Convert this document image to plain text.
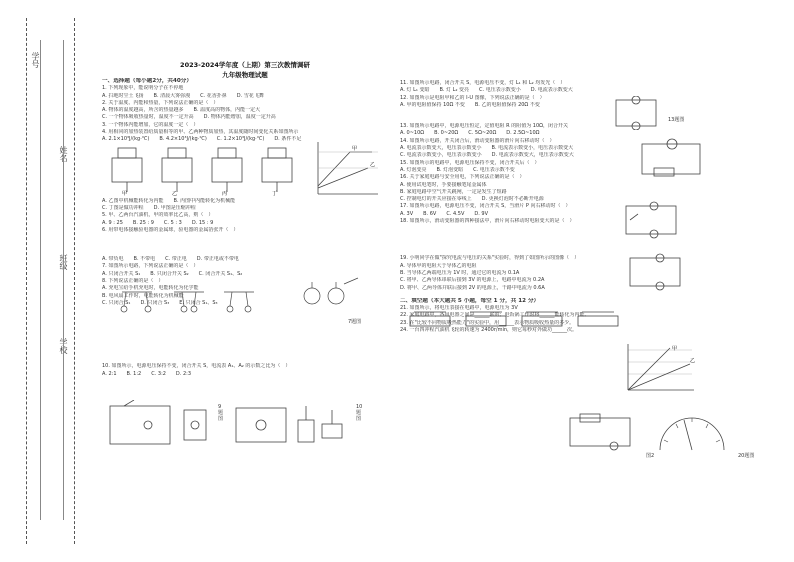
学号
姓名
班级
学校
2023-2024学年度（上期）第三次教情调研
九年级物理试题
一、选择题（每小题2分，共40分）
1. 下列现象中，能说明分子在不停地
A. 扫地时尘土飞扬　　B. 清晨大雾弥漫　　C. 花香扑鼻　　D. 雪花飞舞
2. 关于温度、内能和热量，下列说法正确的是（　）
A. 物体的温度越高，所含的热量越多　　B. 温度高的物体，内能一定大
C. 一个物体吸收热量时，温度不一定升高　　D. 物体内能增加，温度一定升高
3. 一个物体内能增加，它的温度一定（　）
4. 用相同的加热装置给质量相等的甲、乙两种物质加热，其温度随时间变化关系如图所示
A. 2.1×10³J/(kg·℃)　　B. 4.2×10³J/(kg·℃)　　C. 1.2×10³J/(kg·℃)　　D. 条件不足
A. 乙图中机械能转化为内能　　B. 丙图中内能转化为机械能
C. 丁图是做功冲程　　D. 甲图是压缩冲程
5. 甲、乙两台汽油机，甲的效率比乙高，则（　）
A. 9 : 25　　B. 25 : 9　　C. 5 : 3　　D. 15 : 9
6. 用带电体接触验电器的金属球，验电器的金属箔张开（　）
A. 带负电　　B. 不带电　　C. 带正电　　D. 带正电或不带电
7. 如图所示电路，下列说法正确的是（　）
A. 只闭合开关 S₁　　B. 只闭合开关 S₂　　C. 闭合开关 S₁、S₂
8. 下列说法正确的是（　）
A. 充电宝给手机充电时，电能转化为化学能
B. 电风扇工作时，电能转化为机械能
C. 只闭合 S₁　　D. 只闭合 S₃　　E. 只闭合 S₁、S₃
10. 如图所示，电源电压保持不变，闭合开关 S，电流表 A₁、A₂ 的示数之比为（　）
A. 2:1　　B. 1:2　　C. 3:2　　D. 2:3
甲	乙	丙	丁
甲
乙
7题图
9
题
图
10
题
图
11. 如图所示电路，闭合开关 S，电源电压不变，灯 L₁ 和 L₂ 均发光（　）
A. 灯 L₁ 变暗　　B. 灯 L₂ 变亮　　C. 电压表示数变小　　D. 电流表示数变大
12. 如图所示是电阻甲和乙的 I-U 图像，下列说法正确的是（　）
A. 甲的电阻值保持 10Ω 不变　　B. 乙的电阻值保持 20Ω 不变
13. 如图所示电路中，电源电压恒定，定值电阻 R 的阻值为 10Ω，闭合开关
A. 0~10Ω　　B. 0~20Ω　　C. 5Ω~20Ω　　D. 2.5Ω~10Ω
14. 如图所示电路，开关闭合后，滑动变阻器的滑片向右移动时（　）
A. 电流表示数变大，电压表示数变小　　B. 电流表示数变小，电压表示数变大
C. 电流表示数变小，电压表示数变小　　D. 电流表示数变大，电压表示数变大
15. 如图所示的电路中，电源电压保持不变，闭合开关后（　）
A. 灯泡变亮　　B. 灯泡变暗　　C. 电压表示数不变
16. 关于家庭电路与安全用电，下列说法正确的是（　）
A. 使用试电笔时，手要接触笔尾金属体
B. 家庭电路中空气开关跳闸，一定是发生了短路
C. 控制电灯的开关应接在零线上　　D. 更换灯泡时不必断开电源
17. 如图所示电路，电源电压不变，闭合开关 S，当滑片 P 向右移动时（　）
A. 3V　　B. 6V　　C. 4.5V　　D. 9V
18. 如图所示，滑动变阻器的四种接法中，滑片向右移动时电阻变大的是（　）
19. 小明同学在做"探究电流与电压的关系"实验时，得到了如图所示的图像（　）
A. 导体甲的电阻大于导体乙的电阻
B. 当导体乙两端电压为 1V 时，通过它的电流为 0.1A
C. 将甲、乙两导体串联后接到 3V 的电源上，电路中电流为 0.2A
D. 将甲、乙两导体并联后接到 2V 的电源上，干路中电流为 0.6A
二、填空题（本大题共 5 小题，每空 1 分，共 12 分）
21. 如图所示，将电压表接在电路中，电源电压为 3V
22. 家庭电路中，各用电器之间是______联的；电饭锅工作时将______能转化为内能。
23. 在"比较不同物质吸热能力"的实验中，用______表示物质吸收热量的多少。
24. 一台四冲程汽油机飞轮的转速为 2400r/min，则它每秒对外做功______次。
13题图
甲
乙
图2	20题图
